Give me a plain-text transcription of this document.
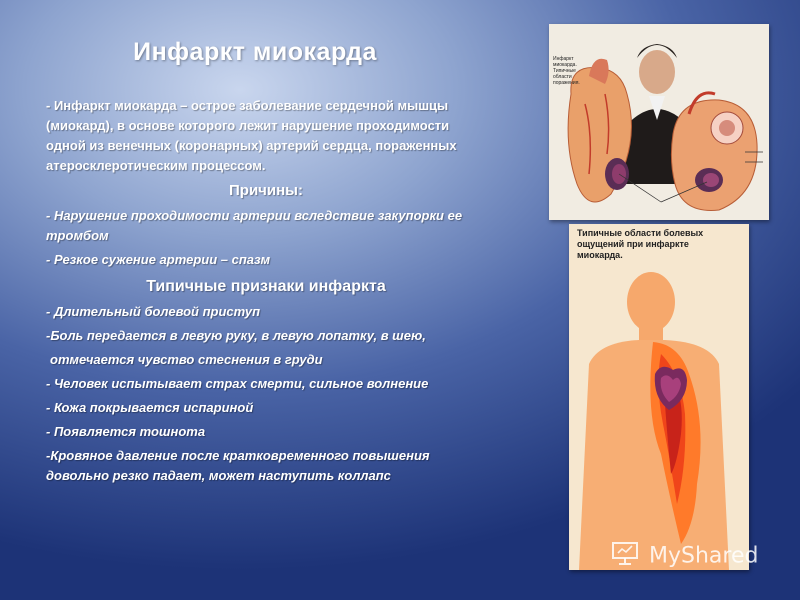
Инфаркт миокарда

- Инфаркт миокарда – острое заболевание сердечной мышцы (миокард), в основе которого лежит нарушение проходимости одной из венечных (коронарных) артерий сердца, пораженных атеросклеротическим процессом.

Причины:

- Нарушение проходимости артерии вследствие закупорки ее тромбом

- Резкое сужение артерии – спазм

Типичные признаки инфаркта

- Длительный болевой приступ

-Боль передается в левую руку, в левую лопатку, в шею,

отмечается чувство стеснения в груди

- Человек испытывает страх смерти, сильное волнение

- Кожа покрывается испариной

- Появляется тошнота

-Кровяное давление после кратковременного повышения довольно резко падает, может наступить коллапс

Инфаркт миокарда. Типичные области поражения.
Типичные области болевых ощущений при инфаркте миокарда.
MyShared
